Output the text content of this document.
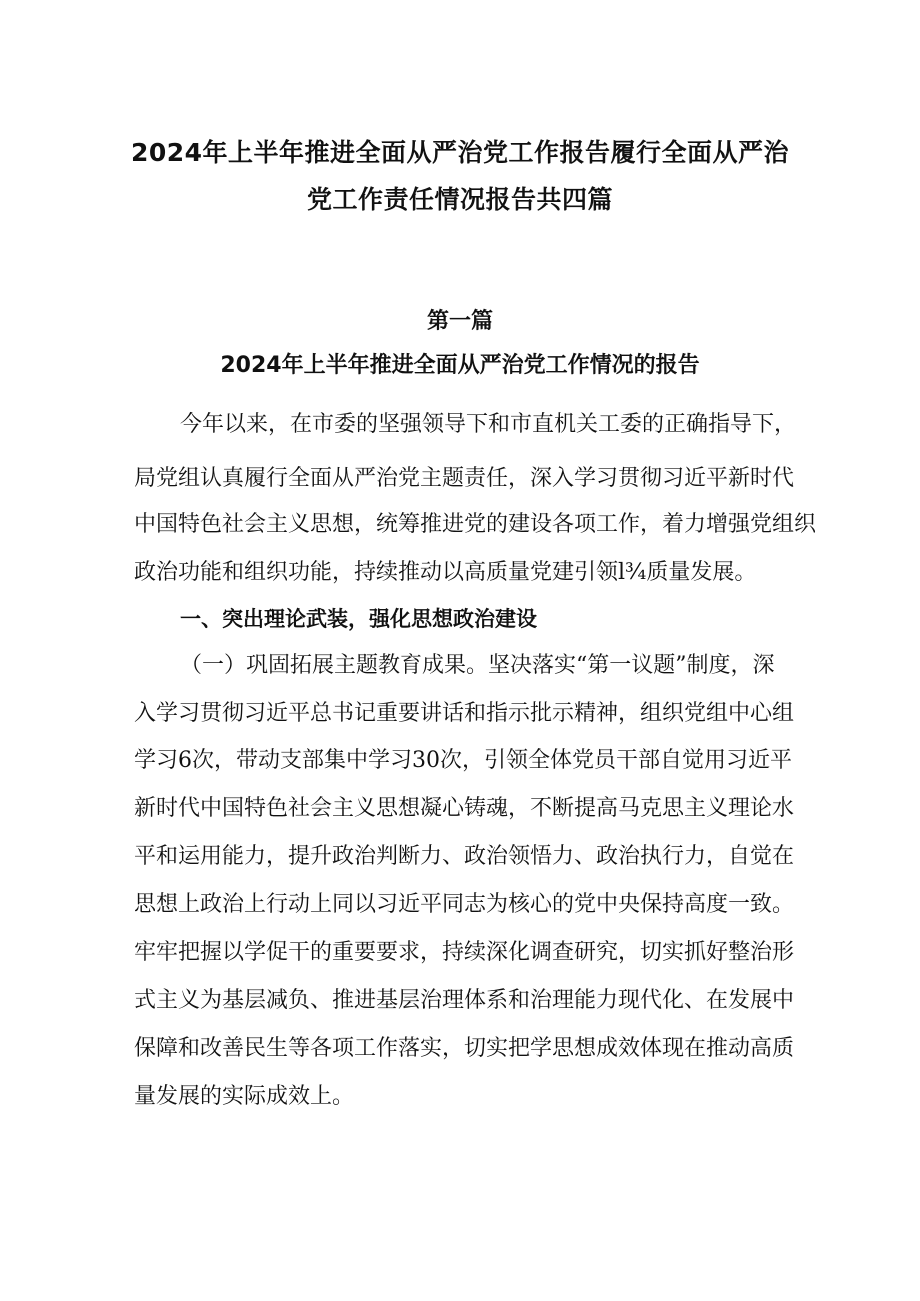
2024年上半年推进全面从严治党工作报告履行全面从严治
党工作责任情况报告共四篇
第一篇
2024年上半年推进全面从严治党工作情况的报告
今年以来，在市委的坚强领导下和市直机关工委的正确指导下，
局党组认真履行全面从严治党主题责任，深入学习贯彻习近平新时代
中国特色社会主义思想，统筹推进党的建设各项工作，着力增强党组织
政治功能和组织功能，持续推动以高质量党建引领l¾质量发展。
一、突出理论武装，强化思想政治建设
（一）巩固拓展主题教育成果。坚决落实“第一议题”制度，深
入学习贯彻习近平总书记重要讲话和指示批示精神，组织党组中心组
学习6次，带动支部集中学习30次，引领全体党员干部自觉用习近平
新时代中国特色社会主义思想凝心铸魂，不断提高马克思主义理论水
平和运用能力，提升政治判断力、政治领悟力、政治执行力，自觉在
思想上政治上行动上同以习近平同志为核心的党中央保持高度一致。
牢牢把握以学促干的重要要求，持续深化调查研究，切实抓好整治形
式主义为基层减负、推进基层治理体系和治理能力现代化、在发展中
保障和改善民生等各项工作落实，切实把学思想成效体现在推动高质
量发展的实际成效上。
